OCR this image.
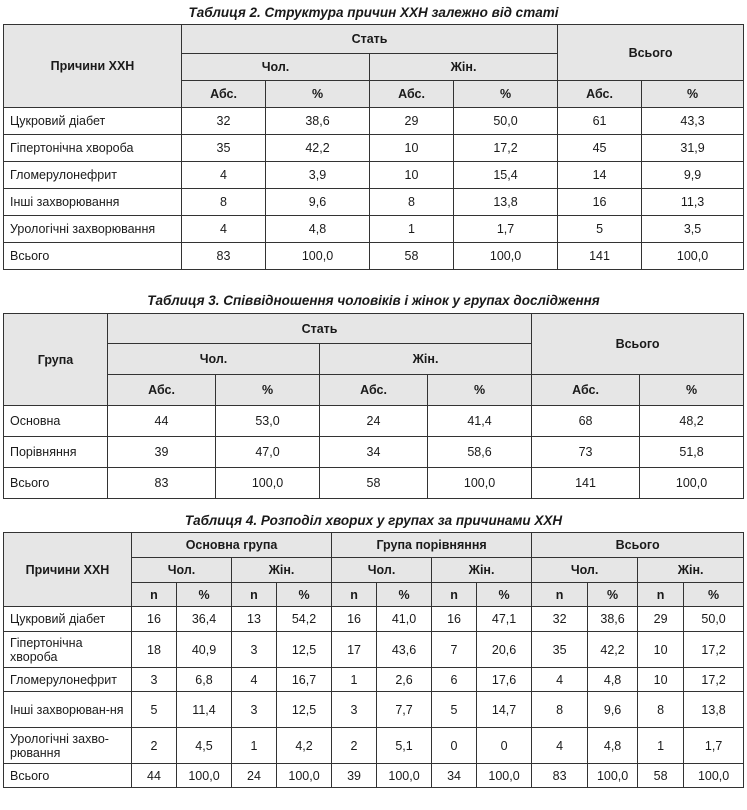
Таблиця 2. Структура причин ХХН залежно від статі
Причини ХХН	Стать				Всього	
	Чол.		Жін.			
	Абс.	%	Абс.	%	Абс.	%
Цукровий діабет	32	38,6	29	50,0	61	43,3
Гіпертонічна хвороба	35	42,2	10	17,2	45	31,9
Гломерулонефрит	4	3,9	10	15,4	14	9,9
Інші захворювання	8	9,6	8	13,8	16	11,3
Урологічні захворювання	4	4,8	1	1,7	5	3,5
Всього	83	100,0	58	100,0	141	100,0
Таблиця 3. Співвідношення чоловіків і жінок у групах дослідження
Група	Стать				Всього	
	Чол.		Жін.			
	Абс.	%	Абс.	%	Абс.	%
Основна	44	53,0	24	41,4	68	48,2
Порівняння	39	47,0	34	58,6	73	51,8
Всього	83	100,0	58	100,0	141	100,0
Таблиця 4. Розподіл хворих у групах за причинами ХХН
Причини ХХН	Основна група				Група порівняння				Всього			
	Чол.		Жін.		Чол.		Жін.		Чол.		Жін.	
	n	%	n	%	n	%	n	%	n	%	n	%
Цукровий діабет	16	36,4	13	54,2	16	41,0	16	47,1	32	38,6	29	50,0
Гіпертонічна хвороба	18	40,9	3	12,5	17	43,6	7	20,6	35	42,2	10	17,2
Гломерулонефрит	3	6,8	4	16,7	1	2,6	6	17,6	4	4,8	10	17,2
Інші захворюван-ня	5	11,4	3	12,5	3	7,7	5	14,7	8	9,6	8	13,8
Урологічні захво-рювання	2	4,5	1	4,2	2	5,1	0	0	4	4,8	1	1,7
Всього	44	100,0	24	100,0	39	100,0	34	100,0	83	100,0	58	100,0
